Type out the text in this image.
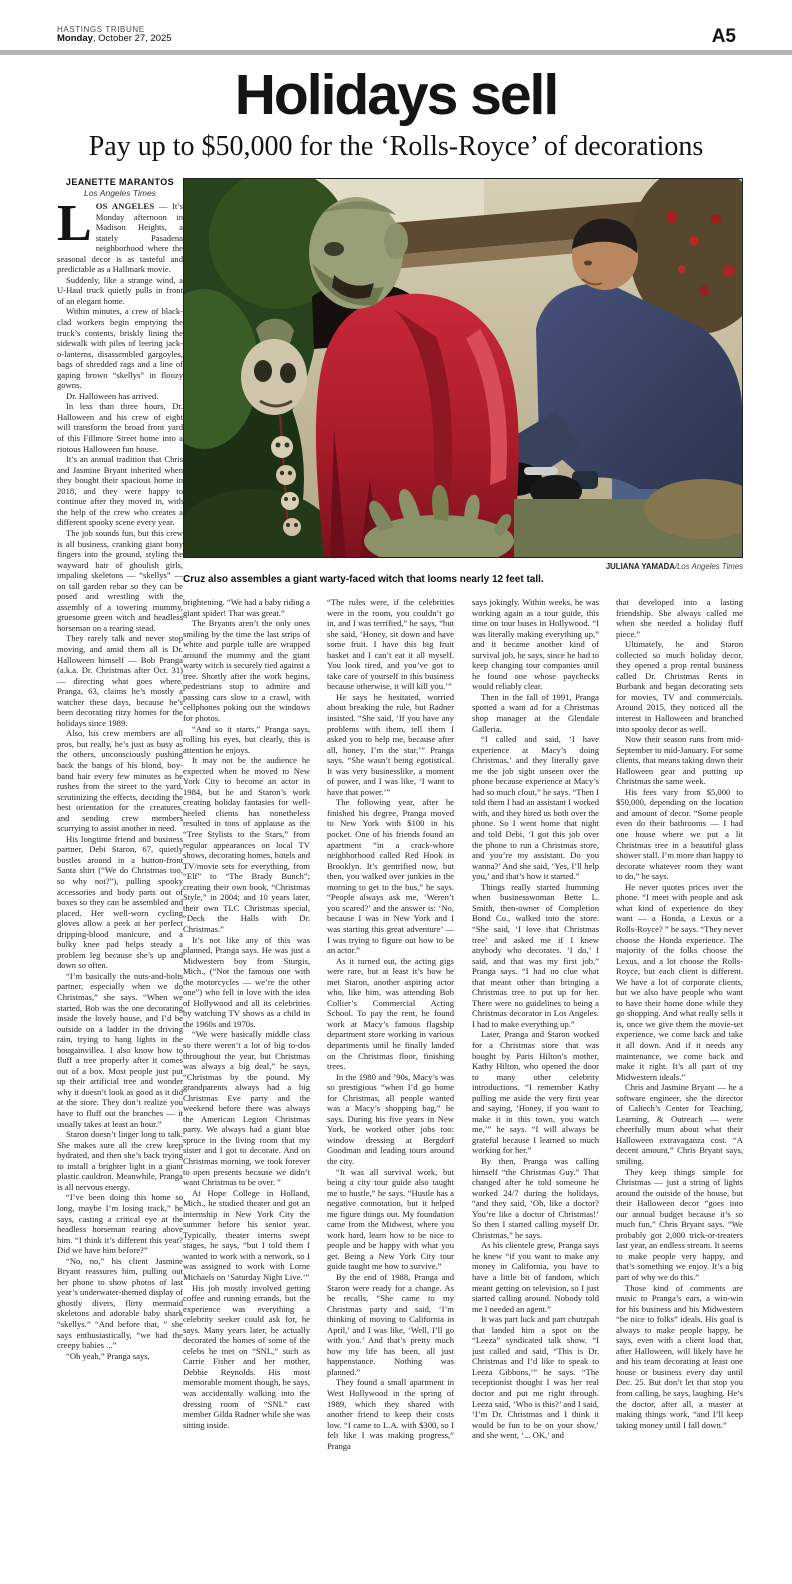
HASTINGS TRIBUNE
Monday, October 27, 2025	A5
Holidays sell
Pay up to $50,000 for the ‘Rolls-Royce’ of decorations
JEANETTE MARANTOS
Los Angeles Times
JULIANA YAMADA/Los Angeles Times
Cruz also assembles a giant warty-faced witch that looms nearly 12 feet tall.

LOS ANGELES — It’s Monday afternoon in Madison Heights, a stately Pasadena neighborhood where the seasonal decor is as tasteful and predictable as a Hallmark movie.

Suddenly, like a strange wind, a U-Haul truck quietly pulls in front of an elegant home.

Within minutes, a crew of black-clad workers begin emptying the truck’s contents, briskly lining the sidewalk with piles of leering jack-o-lanterns, disassembled gargoyles, bags of shredded rags and a line of gaping brown “skellys” in floozy gowns.

Dr. Halloween has arrived.

In less than three hours, Dr. Halloween and his crew of eight will transform the broad front yard of this Fillmore Street home into a riotous Halloween fun house.

It’s an annual tradition that Chris and Jasmine Bryant inherited when they bought their spacious home in 2018, and they were happy to continue after they moved in, with the help of the crew who creates a different spooky scene every year.

The job sounds fun, but this crew is all business, cranking giant bony fingers into the ground, styling the wayward hair of ghoulish girls, impaling skeletons — “skellys” — on tall garden rebar so they can be posed and wrestling with the assembly of a towering mummy, gruesome green witch and headless horseman on a rearing stead.

They rarely talk and never stop moving, and amid them all is Dr. Halloween himself — Bob Pranga (a.k.a. Dr. Christmas after Oct. 31) — directing what goes where. Pranga, 63, claims he’s mostly a watcher these days, because he’s been decorating ritzy homes for the holidays since 1989.

Also, his crew members are all pros, but really, he’s just as busy as the others, unconsciously pushing back the bangs of his blond, boy-band hair every few minutes as he rushes from the street to the yard, scrutinizing the effects, deciding the best orientation for the creatures, and sending crew members scurrying to assist another in need.

His longtime friend and business partner, Debi Staron, 67, quietly bustles around in a button-front Santa shirt (“We do Christmas too, so why not?”), pulling spooky accessories and body parts out of boxes so they can be assembled and placed. Her well-worn cycling gloves allow a peek at her perfect dripping-blood manicure, and a bulky knee pad helps steady a problem leg because she’s up and down so often.

“I’m basically the nuts-and-bolts partner, especially when we do Christmas,” she says. “When we started, Bob was the one decorating inside the lovely house, and I’d be outside on a ladder in the driving rain, trying to hang lights in the bougainvillea. I also know how to fluff a tree properly after it comes out of a box. Most people just put up their artificial tree and wonder why it doesn’t look as good as it did at the store. They don’t realize you have to fluff out the branches — it usually takes at least an hour.”

Staron doesn’t linger long to talk. She makes sure all the crew keep hydrated, and then she’s back trying to install a brighter light in a giant plastic cauldron. Meanwhile, Pranga is all nervous energy.

“I’ve been doing this home so long, maybe I’m losing track,” he says, casting a critical eye at the headless horseman rearing above him. “I think it’s different this year? Did we have him before?”

“No, no,” his client Jasmine Bryant reassures him, pulling out her phone to show photos of last year’s underwater-themed display of ghostly divers, flirty mermaid skeletons and adorable baby shark “skellys.” “And before that, ” she says enthusiastically, “we had the creepy babies ...”

“Oh yeah,” Pranga says,

brightening. “We had a baby riding a giant spider! That was great.”

The Bryants aren’t the only ones smiling by the time the last strips of white and purple tulle are wrapped around the mummy and the giant warty witch is securely tied against a tree. Shortly after the work begins, pedestrians stop to admire and passing cars slow to a crawl, with cellphones poking out the windows for photos.

“And so it starts,” Pranga says, rolling his eyes, but clearly, this is attention he enjoys.

It may not be the audience he expected when he moved to New York City to become an actor in 1984, but he and Staron’s work creating holiday fantasies for well-heeled clients has nonetheless resulted in tons of applause as the “Tree Stylists to the Stars,” from regular appearances on local TV shows, decorating homes, hotels and TV/movie sets for everything, from “Elf” to “The Brady Bunch”; creating their own book, “Christmas Style,” in 2004; and 10 years later, their own TLC Christmas special, “Deck the Halls with Dr. Christmas.”

It’s not like any of this was planned, Pranga says. He was just a Midwestern boy from Sturgis, Mich., (“Not the famous one with the motorcycles — we’re the other one”) who fell in love with the idea of Hollywood and all its celebrities by watching TV shows as a child in the 1960s and 1970s.

“We were basically middle class so there weren’t a lot of big to-dos throughout the year, but Christmas was always a big deal,” he says, “Christmas by the pound. My grandparents always had a big Christmas Eve party and the weekend before there was always the American Legion Christmas party. We always had a giant blue spruce in the living room that my sister and I got to decorate. And on Christmas morning, we took forever to open presents because we didn’t want Christmas to be over. ”

At Hope College in Holland, Mich., he studied theater and got an internship in New York City the summer before his senior year. Typically, theater interns swept stages, he says, “but I told them I wanted to work with a network, so I was assigned to work with Lorne Michaels on ‘Saturday Night Live.’”

His job mostly involved getting coffee and running errands, but the experience was everything a celebrity seeker could ask for, he says. Many years later, he actually decorated the homes of some of the celebs he met on “SNL,” such as Carrie Fisher and her mother, Debbie Reynolds. His most memorable moment though, he says, was accidentally walking into the dressing room of “SNL” cast member Gilda Radner while she was sitting inside.

“The rules were, if the celebrities were in the room, you couldn’t go in, and I was terrified,” he says, “but she said, ‘Honey, sit down and have some fruit. I have this big fruit basket and I can’t eat it all myself. You look tired, and you’ve got to take care of yourself in this business because otherwise, it will kill you.’”

He says he hesitated, worried about breaking the rule, but Radner insisted. “She said, ‘If you have any problems with them, tell them I asked you to help me, because after all, honey, I’m the star,’” Pranga says. “She wasn’t being egotistical. It was very businesslike, a moment of power, and I was like, ‘I want to have that power.’”

The following year, after he finished his degree, Pranga moved to New York with $100 in his pocket. One of his friends found an apartment “in a crack-whore neighborhood called Red Hook in Brooklyn. It’s gentrified now, but then, you walked over junkies in the morning to get to the bus,” he says. “People always ask me, ‘Weren’t you scared?’ and the answer is: ‘No, because I was in New York and I was starting this great adventure’ — I was trying to figure out how to be an actor.”

As it turned out, the acting gigs were rare, but at least it’s how he met Staron, another aspiring actor who, like him, was attending Bob Collier’s Commercial Acting School. To pay the rent, he found work at Macy’s famous flagship department store working in various departments until he finally landed on the Christmas floor, finishing trees.

In the 1980 and ’90s, Macy’s was so prestigious “when I’d go home for Christmas, all people wanted was a Macy’s shopping bag,” he says. During his five years in New York, he worked other jobs too: window dressing at Bergdorf Goodman and leading tours around the city.

“It was all survival work, but being a city tour guide also taught me to hustle,” he says. “Hustle has a negative connotation, but it helped me figure things out. My foundation came from the Midwest, where you work hard, learn how to be nice to people and be happy with what you get. Being a New York City tour guide taught me how to survive.”

By the end of 1988, Pranga and Staron were ready for a change. As he recalls, “She came to my Christmas party and said, ‘I’m thinking of moving to California in April,’ and I was like, ‘Well, I’ll go with you.’ And that’s pretty much how my life has been, all just happenstance. Nothing was planned.”

They found a small apartment in West Hollywood in the spring of 1989, which they shared with another friend to keep their costs low. “I came to L.A. with $300, so I felt like I was making progress,” Pranga

says jokingly. Within weeks, he was working again as a tour guide, this time on tour buses in Hollywood. “I was literally making everything up,” and it became another kind of survival job, he says, since he had to keep changing tour companies until he found one whose paychecks would reliably clear.

Then in the fall of 1991, Pranga spotted a want ad for a Christmas shop manager at the Glendale Galleria.

“I called and said, ‘I have experience at Macy’s doing Christmas,’ and they literally gave me the job sight unseen over the phone because experience at Macy’s had so much clout,” he says. “Then I told them I had an assistant I worked with, and they hired us both over the phone. So I went home that night and told Debi, ‘I got this job over the phone to run a Christmas store, and you’re my assistant. Do you wanna?’ And she said, ‘Yes, I’ll help you,’ and that’s how it started.”

Things really started humming when businesswoman Bette L. Smith, then-owner of Completion Bond Co., walked into the store. “She said, ‘I love that Christmas tree’ and asked me if I knew anybody who decorates. ‘I do,’ I said, and that was my first job,” Pranga says. “I had no clue what that meant other than bringing a Christmas tree to put up for her. There were no guidelines to being a Christmas decorator in Los Angeles. I had to make everything up.”

Later, Pranga and Staron worked for a Christmas store that was bought by Paris Hilton’s mother, Kathy Hilton, who opened the door to many other celebrity introductions. “I remember Kathy pulling me aside the very first year and saying, ‘Honey, if you want to make it in this town, you watch me,’” he says. “I will always be grateful because I learned so much working for her.”

By then, Pranga was calling himself “the Christmas Guy.” That changed after he told someone he worked 24/7 during the holidays, “and they said, ‘Oh, like a doctor? You’re like a doctor of Christmas!’ So then I started calling myself Dr. Christmas,” he says.

As his clientele grew, Pranga says he knew “if you want to make any money in California, you have to have a little bit of fandom, which meant getting on television, so I just started calling around. Nobody told me I needed an agent.”

It was part luck and part chutzpah that landed him a spot on the “Leeza” syndicated talk show. “I just called and said, “This is Dr. Christmas and I’d like to speak to Leeza Gibbons,’” he says. “The receptionist thought I was her real doctor and put me right through. Leeza said, ‘Who is this?’ and I said, ‘I’m Dr. Christmas and I think it would be fun to be on your show,’ and she went, ‘... OK,’ and

that developed into a lasting friendship. She always called me when she needed a holiday fluff piece.”

Ultimately, he and Staron collected so much holiday decor, they opened a prop rental business called Dr. Christmas Rents in Burbank and began decorating sets for movies, TV and commercials. Around 2015, they noticed all the interest in Halloween and branched into spooky decor as well.

Now their season runs from mid-September to mid-January. For some clients, that means taking down their Halloween gear and putting up Christmas the same week.

His fees vary from $5,000 to $50,000, depending on the location and amount of decor. “Some people even do their bathrooms — I had one house where we put a lit Christmas tree in a beautiful glass shower stall. I’m more than happy to decorate whatever room they want to do,” he says.

He never quotes prices over the phone. “I meet with people and ask what kind of experience do they want — a Honda, a Lexus or a Rolls-Royce? ” he says. “They never choose the Honda experience. The majority of the folks choose the Lexus, and a lot choose the Rolls-Royce, but each client is different. We have a lot of corporate clients, but we also have people who want to have their home done while they go shopping. And what really sells it is, once we give them the movie-set experience, we come back and take it all down. And if it needs any maintenance, we come back and make it right. It’s all part of my Midwestern ideals.”

Chris and Jasmine Bryant — he a software engineer, she the director of Caltech’s Center for Teaching, Learning, & Outreach — were cheerfully mum about what their Halloween extravaganza cost. “A decent amount,” Chris Bryant says, smiling.

They keep things simple for Christmas — just a string of lights around the outside of the house, but their Halloween decor “goes into our annual budget because it’s so much fun,” Chris Bryant says. “We probably got 2,000 trick-or-treaters last year, an endless stream. It seems to make people very happy, and that’s something we enjoy. It’s a big part of why we do this.”

Those kind of comments are music to Pranga’s ears, a win-win for his business and his Midwestern “be nice to folks” ideals. His goal is always to make people happy, he says, even with a client load that, after Halloween, will likely have he and his team decorating at least one house or business every day until Dec. 25. But don’t let that stop you from calling, he says, laughing. He’s the doctor, after all, a master at making things work, “and I’ll keep taking money until I fall down.”
